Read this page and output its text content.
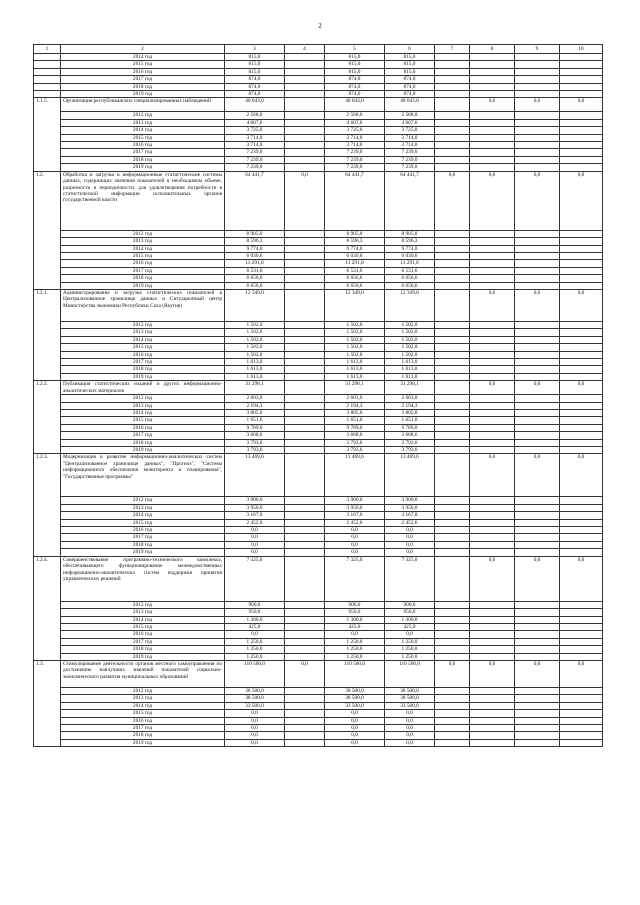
2
1	2	3	4	5	6	7	8	9	10
	2014 год	815,0		815,0	815,0				
	2015 год	815,0		815,0	815,0				
	2016 год	815,0		815,0	815,0				
	2017 год	874,0		874,0	874,0				
	2018 год	874,0		874,0	874,0				
	2019 год	874,0		874,0	874,0				
1.1.5.	Организация республиканских специализированных наблюдений	40 043,0		40 043,0	40 043,0		0,0	0,0	0,0
	2012 год	2 568,0		2 568,0	2 568,0				
	2013 год	4 607,6		4 607,6	4 607,6				
	2014 год	3 725,0		3 725,0	3 725,0				
	2015 год	3 714,0		3 714,0	3 714,0				
	2016 год	3 714,0		3 714,0	3 714,0				
	2017 год	7 239,0		7 239,0	7 239,0				
	2018 год	7 239,0		7 239,0	7 239,0				
	2019 год	7 239,0		7 239,0	7 239,0				
1.2.	Обработка и загрузка в информационные статистические системы данных, содержащих значения показателей в необходимом объеме, разрезности и периодичности, для удовлетворения потребности в статистической информации исполнительных органов государственной власти	64 441,7	0,0	64 441,7	64 441,7	0,0	0,0	0,0	0,0
	2012 год	8 905,0		8 905,0	8 905,0				
	2013 год	8 596,3		8 596,3	8 596,3				
	2014 год	9 774,0		9 774,0	9 774,0				
	2015 год	6 030,6		6 030,6	6 030,6				
	2016 год	11 291,0		11 291,0	11 291,0				
	2017 год	6 531,6		6 531,6	6 531,6				
	2018 год	6 656,6		6 656,6	6 656,6				
	2019 год	6 656,6		6 656,6	6 656,6				
1.2.1.	Администрирование и загрузка статистических показателей в Централизованное хранилище данных и Ситуационный центр Министерства экономики Республики Саха (Якутия)	12 349,0		12 349,0	12 349,0		0,0	0,0	0,0
	2012 год	1 502,0		1 502,0	1 502,0				
	2013 год	1 502,0		1 502,0	1 502,0				
	2014 год	1 502,0		1 502,0	1 502,0				
	2015 год	1 502,0		1 502,0	1 502,0				
	2016 год	1 502,0		1 502,0	1 502,0				
	2017 год	1 613,0		1 613,0	1 613,0				
	2018 год	1 613,0		1 613,0	1 613,0				
	2019 год	1 613,0		1 613,0	1 613,0				
1.2.2.	Публикация статистических изданий и других информационно-аналитических материалов	31 298,1		31 298,1	31 298,1		0,0	0,0	0,0
	2012 год	2 603,0		2 603,0	2 603,0				
	2013 год	2 194,3		2 194,3	2 194,3				
	2014 год	3 805,0		3 805,0	3 805,0				
	2015 год	1 651,0		1 651,0	1 651,0				
	2016 год	9 789,0		9 789,0	9 789,0				
	2017 год	3 668,6		3 668,6	3 668,6				
	2018 год	3 793,6		3 793,6	3 793,6				
	2019 год	3 793,6		3 793,6	3 793,6				
1.2.3.	Модернизация и развитие информационно-аналитических систем "Централизованное хранилище данных", "Прогноз", "Система информационного обеспечения мониторинга и планирования", "Государственные программы"	13 469,6		13 469,6	13 469,6		0,0	0,0	0,0
	2012 год	3 900,0		3 900,0	3 900,0				
	2013 год	3 950,0		3 950,0	3 950,0				
	2014 год	3 167,0		3 167,0	3 167,0				
	2015 год	2 452,6		2 452,6	2 452,6				
	2016 год	0,0		0,0	0,0				
	2017 год	0,0		0,0	0,0				
	2018 год	0,0		0,0	0,0				
	2019 год	0,0		0,0	0,0				
1.2.4.	Совершенствование программно-технического комплекса, обеспечивающего функционирование межведомственных информационно-аналитических систем поддержки принятия управленческих решений	7 325,0		7 325,0	7 325,0		0,0	0,0	0,0
	2012 год	900,0		900,0	900,0				
	2013 год	950,0		950,0	950,0				
	2014 год	1 300,0		1 300,0	1 300,0				
	2015 год	425,0		425,0	425,0				
	2016 год	0,0		0,0	0,0				
	2017 год	1 250,0		1 250,0	1 250,0				
	2018 год	1 250,0		1 250,0	1 250,0				
	2019 год	1 250,0		1 250,0	1 250,0				
1.3.	Стимулирование деятельности органов местного самоуправления по достижению наилучших значений показателей социально-экономического развития муниципальных образований	110 500,0	0,0	110 500,0	110 500,0	0,0	0,0	0,0	0,0
	2012 год	38 500,0		38 500,0	38 500,0				
	2013 год	38 500,0		38 500,0	38 500,0				
	2014 год	33 500,0		33 500,0	33 500,0				
	2015 год	0,0		0,0	0,0				
	2016 год	0,0		0,0	0,0				
	2017 год	0,0		0,0	0,0				
	2018 год	0,0		0,0	0,0				
	2019 год	0,0		0,0	0,0				
